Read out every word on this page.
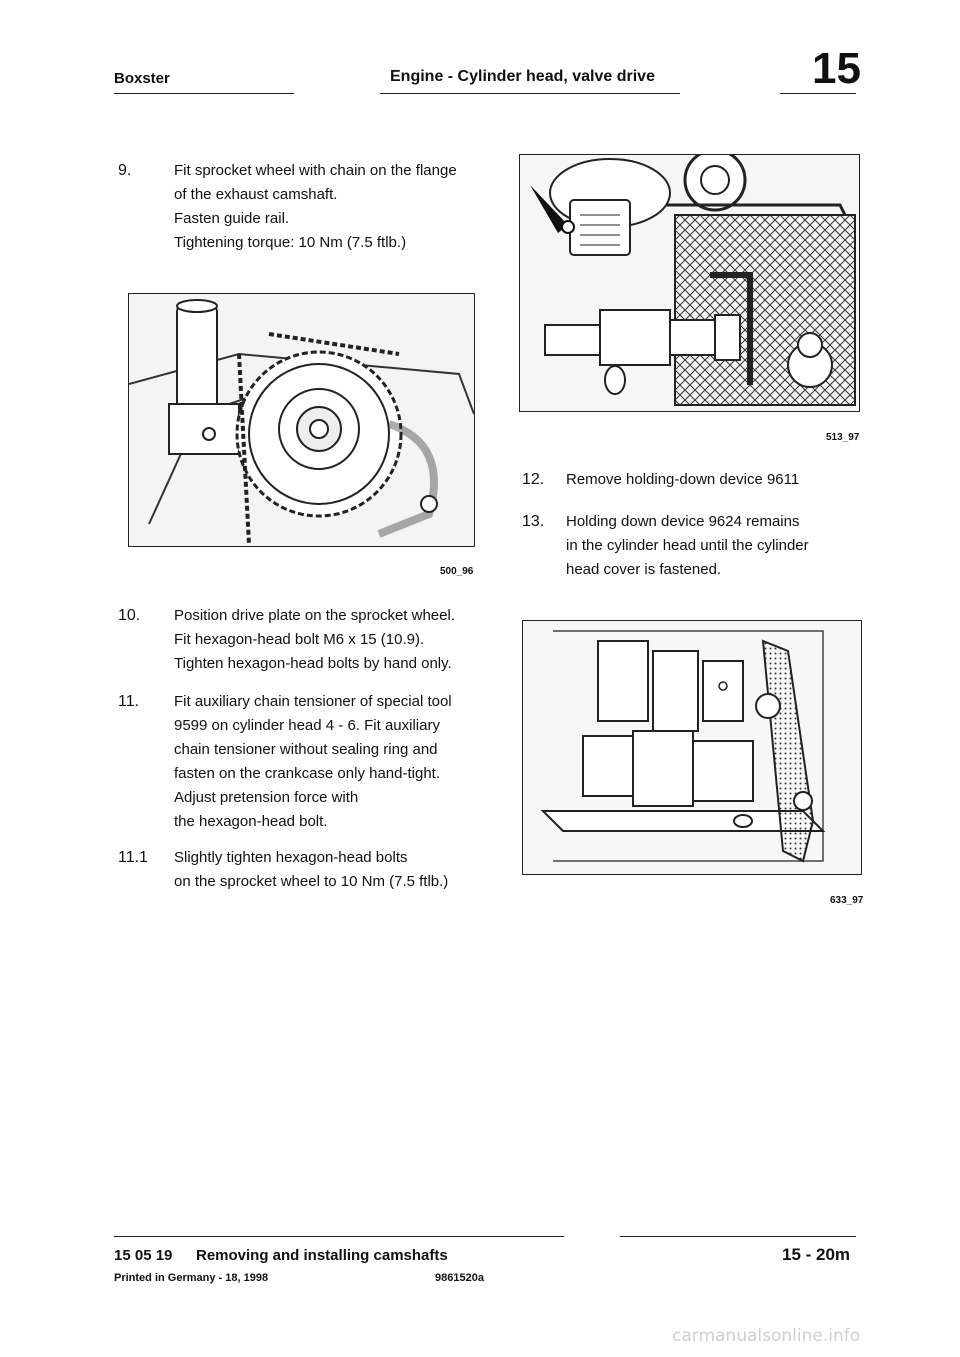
Boxster	Engine - Cylinder head, valve drive	15
9.	Fit sprocket wheel with chain on the flange
of the exhaust camshaft.
Fasten guide rail.
Tightening torque: 10 Nm (7.5 ftlb.)
500_96
10. Position drive plate on the sprocket wheel.
Fit hexagon-head bolt M6 x 15 (10.9).
Tighten hexagon-head bolts by hand only.
11. Fit auxiliary chain tensioner of special tool
9599 on cylinder head 4 - 6. Fit auxiliary
chain tensioner without sealing ring and
fasten on the crankcase only hand-tight.
Adjust pretension force with
the hexagon-head bolt.
11.1 Slightly tighten hexagon-head bolts
on the sprocket wheel to 10 Nm (7.5 ftlb.)
513_97
12. Remove holding-down device 9611
13. Holding down device 9624 remains
in the cylinder head until the cylinder
head cover is fastened.
633_97
15 05 19 Removing and installing camshafts	15 - 20m
Printed in Germany - 18, 1998	9861520a
carmanualsonline.info
